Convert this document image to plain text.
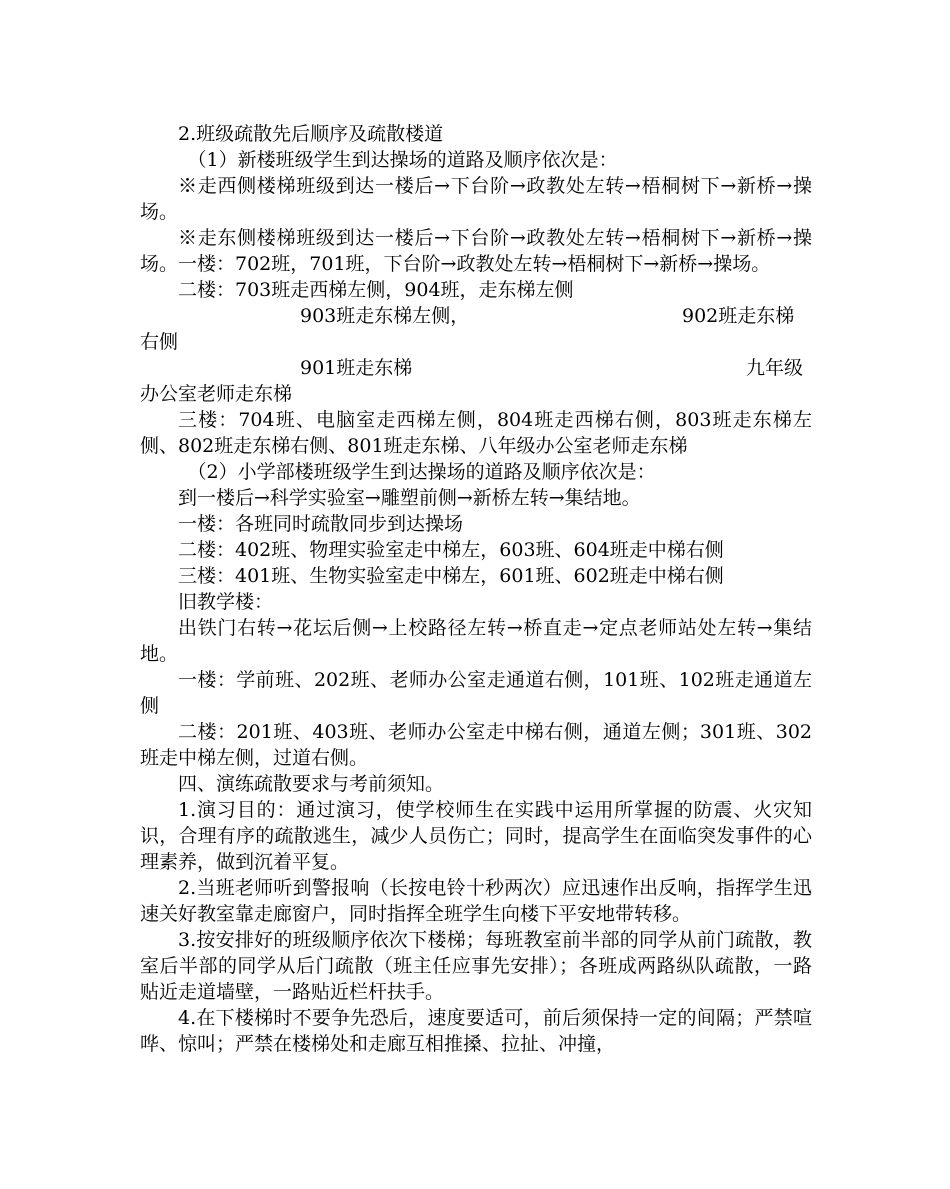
2.班级疏散先后顺序及疏散楼道

（1）新楼班级学生到达操场的道路及顺序依次是：

※走西侧楼梯班级到达一楼后→下台阶→政教处左转→梧桐树下→新桥→操场。

※走东侧楼梯班级到达一楼后→下台阶→政教处左转→梧桐树下→新桥→操场。一楼：702班，701班，下台阶→政教处左转→梧桐树下→新桥→操场。

二楼：703班走西梯左侧，904班，走东梯左侧

903班走东梯左侧，	902班走东梯

右侧

901班走东梯	九年级

办公室老师走东梯

三楼：704班、电脑室走西梯左侧，804班走西梯右侧，803班走东梯左侧、802班走东梯右侧、801班走东梯、八年级办公室老师走东梯

（2）小学部楼班级学生到达操场的道路及顺序依次是：

到一楼后→科学实验室→雕塑前侧→新桥左转→集结地。

一楼：各班同时疏散同步到达操场

二楼：402班、物理实验室走中梯左，603班、604班走中梯右侧

三楼：401班、生物实验室走中梯左，601班、602班走中梯右侧

旧教学楼：

出铁门右转→花坛后侧→上校路径左转→桥直走→定点老师站处左转→集结地。

一楼：学前班、202班、老师办公室走通道右侧，101班、102班走通道左侧

二楼：201班、403班、老师办公室走中梯右侧，通道左侧；301班、302班走中梯左侧，过道右侧。

四、演练疏散要求与考前须知。

1.演习目的：通过演习，使学校师生在实践中运用所掌握的防震、火灾知识，合理有序的疏散逃生，减少人员伤亡；同时，提高学生在面临突发事件的心理素养，做到沉着平复。

2.当班老师听到警报响（长按电铃十秒两次）应迅速作出反响，指挥学生迅速关好教室靠走廊窗户，同时指挥全班学生向楼下平安地带转移。

3.按安排好的班级顺序依次下楼梯；每班教室前半部的同学从前门疏散，教室后半部的同学从后门疏散（班主任应事先安排）；各班成两路纵队疏散，一路贴近走道墙壁，一路贴近栏杆扶手。

4.在下楼梯时不要争先恐后，速度要适可，前后须保持一定的间隔；严禁喧哗、惊叫；严禁在楼梯处和走廊互相推搡、拉扯、冲撞，
